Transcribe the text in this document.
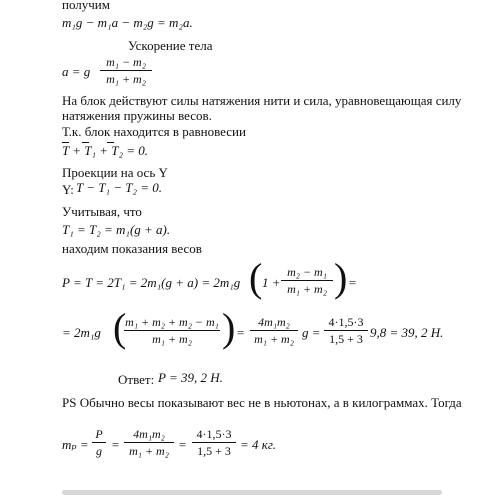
получим
m₁g − m₁a − m₂g = m₂a.
Ускорение тела
a = g
m₁ − m₂
m₁ + m₂
На блок действуют силы натяжения нити и сила, уравновещающая силу
натяжения пружины весов.
Т.к. блок находится в равновесии
T + T₁ + T₂ = 0.
Проекции на ось Y
Y: T − T₁ − T₂ = 0.
Учитывая, что
T₁ = T₂ = m₁(g + a).
находим показания весов
P = T = 2T₁ = 2m₁(g + a) = 2m₁g ( 1 +
m₂ − m₁
m₁ + m₂ ) =
= 2m₁g (
m₁ + m₂ + m₂ − m₁
m₁ + m₂ ) =
4m₁m₂
m₁ + m₂ g =
4·1,5·3
1,5 + 3 9,8 = 39, 2 H.
Ответ: P = 39, 2 H.
PS Обычно весы показывают вес не в ньютонах, а в килограммах. Тогда
mₚ =
P
g =
4m₁m₂
m₁ + m₂ =
4·1,5·3
1,5 + 3 = 4 кг.
